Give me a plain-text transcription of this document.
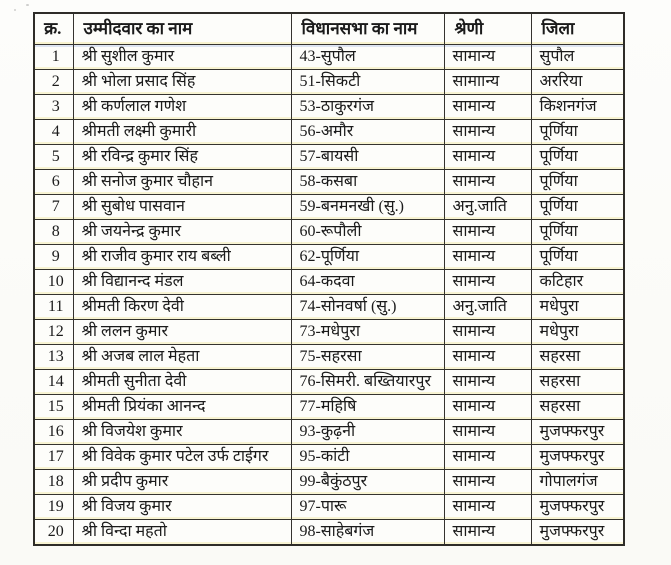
क्र.	उम्मीदवार का नाम	विधानसभा का नाम	श्रेणी	जिला
1	श्री सुशील कुमार	43-सुपौल	सामान्य	सुपौल
2	श्री भोला प्रसाद सिंह	51-सिकटी	सामाान्य	अररिया
3	श्री कर्णलाल गणेश	53-ठाकुरगंज	सामान्य	किशनगंज
4	श्रीमती लक्ष्मी कुमारी	56-अमौर	सामान्य	पूर्णिया
5	श्री रविन्द्र कुमार सिंह	57-बायसी	सामान्य	पूर्णिया
6	श्री सनोज कुमार चौहान	58-कसबा	सामान्य	पूर्णिया
7	श्री सुबोध पासवान	59-बनमनखी (सु.)	अनु.जाति	पूर्णिया
8	श्री जयनेन्द्र कुमार	60-रूपौली	सामान्य	पूर्णिया
9	श्री राजीव कुमार राय बब्ली	62-पूर्णिया	सामान्य	पूर्णिया
10	श्री विद्यानन्द मंडल	64-कदवा	सामान्य	कटिहार
11	श्रीमती किरण देवी	74-सोनवर्षा (सु.)	अनु.जाति	मधेपुरा
12	श्री ललन कुमार	73-मधेपुरा	सामान्य	मधेपुरा
13	श्री अजब लाल मेहता	75-सहरसा	सामान्य	सहरसा
14	श्रीमती सुनीता देवी	76-सिमरी. बख्तियारपुर	सामान्य	सहरसा
15	श्रीमती प्रियंका आनन्द	77-महिषि	सामान्य	सहरसा
16	श्री विजयेश कुमार	93-कुढ़नी	सामान्य	मुजफ्फरपुर
17	श्री विवेक कुमार पटेल उर्फ टाईगर	95-कांटी	सामान्य	मुजफ्फरपुर
18	श्री प्रदीप कुमार	99-बैकुंठपुर	सामान्य	गोपालगंज
19	श्री विजय कुमार	97-पारू	सामान्य	मुजफ्फरपुर
20	श्री विन्दा महतो	98-साहेबगंज	सामान्य	मुजफ्फरपुर
